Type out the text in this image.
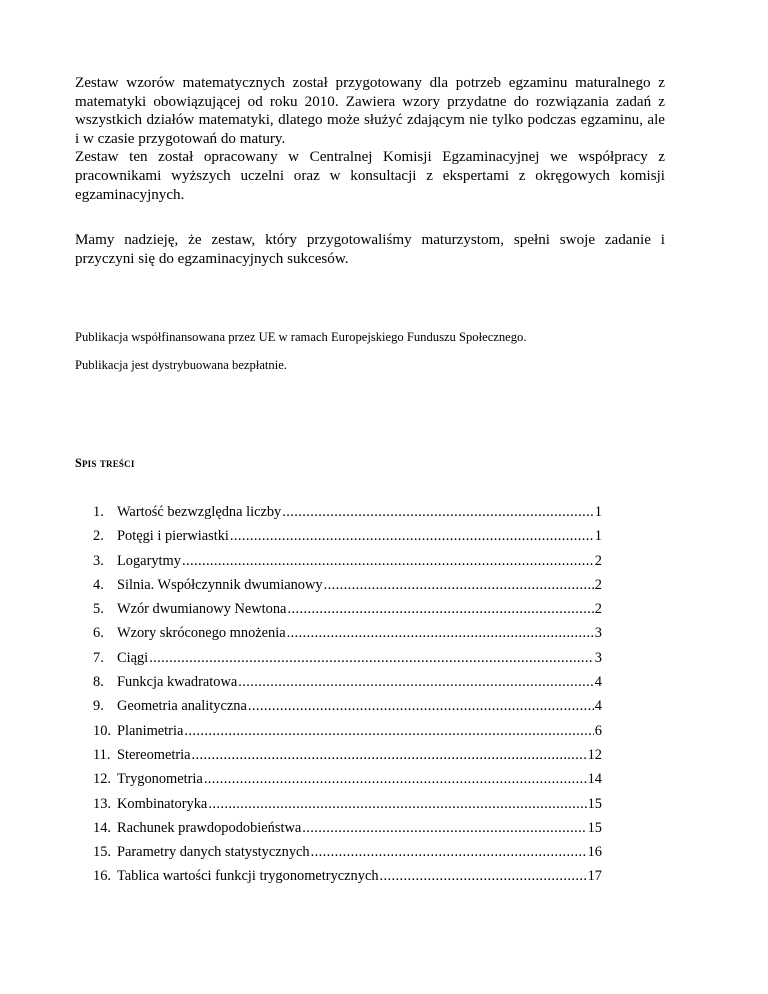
Zestaw wzorów matematycznych został przygotowany dla potrzeb egzaminu maturalnego z matematyki obowiązującej od roku 2010. Zawiera wzory przydatne do rozwiązania zadań z wszystkich działów matematyki, dlatego może służyć zdającym nie tylko podczas egzaminu, ale i w czasie przygotowań do matury.

Zestaw ten został opracowany w Centralnej Komisji Egzaminacyjnej we współpracy z pracownikami wyższych uczelni oraz w konsultacji z ekspertami z okręgowych komisji egzaminacyjnych.

Mamy nadzieję, że zestaw, który przygotowaliśmy maturzystom, spełni swoje zadanie i przyczyni się do egzaminacyjnych sukcesów.

Publikacja współfinansowana przez UE w ramach Europejskiego Funduszu Społecznego.

Publikacja jest dystrybuowana bezpłatnie.

Spis treści
1. Wartość bezwzględna liczby .....	1
2. Potęgi i pierwiastki .....	1
3. Logarytmy .....	2
4. Silnia. Współczynnik dwumianowy .....	2
5. Wzór dwumianowy Newtona .....	2
6. Wzory skróconego mnożenia .....	3
7. Ciągi .....	3
8. Funkcja kwadratowa .....	4
9. Geometria analityczna .....	4
10. Planimetria .....	6
11. Stereometria .....	12
12. Trygonometria .....	14
13. Kombinatoryka .....	15
14. Rachunek prawdopodobieństwa .....	15
15. Parametry danych statystycznych .....	16
16. Tablica wartości funkcji trygonometrycznych .....	17
